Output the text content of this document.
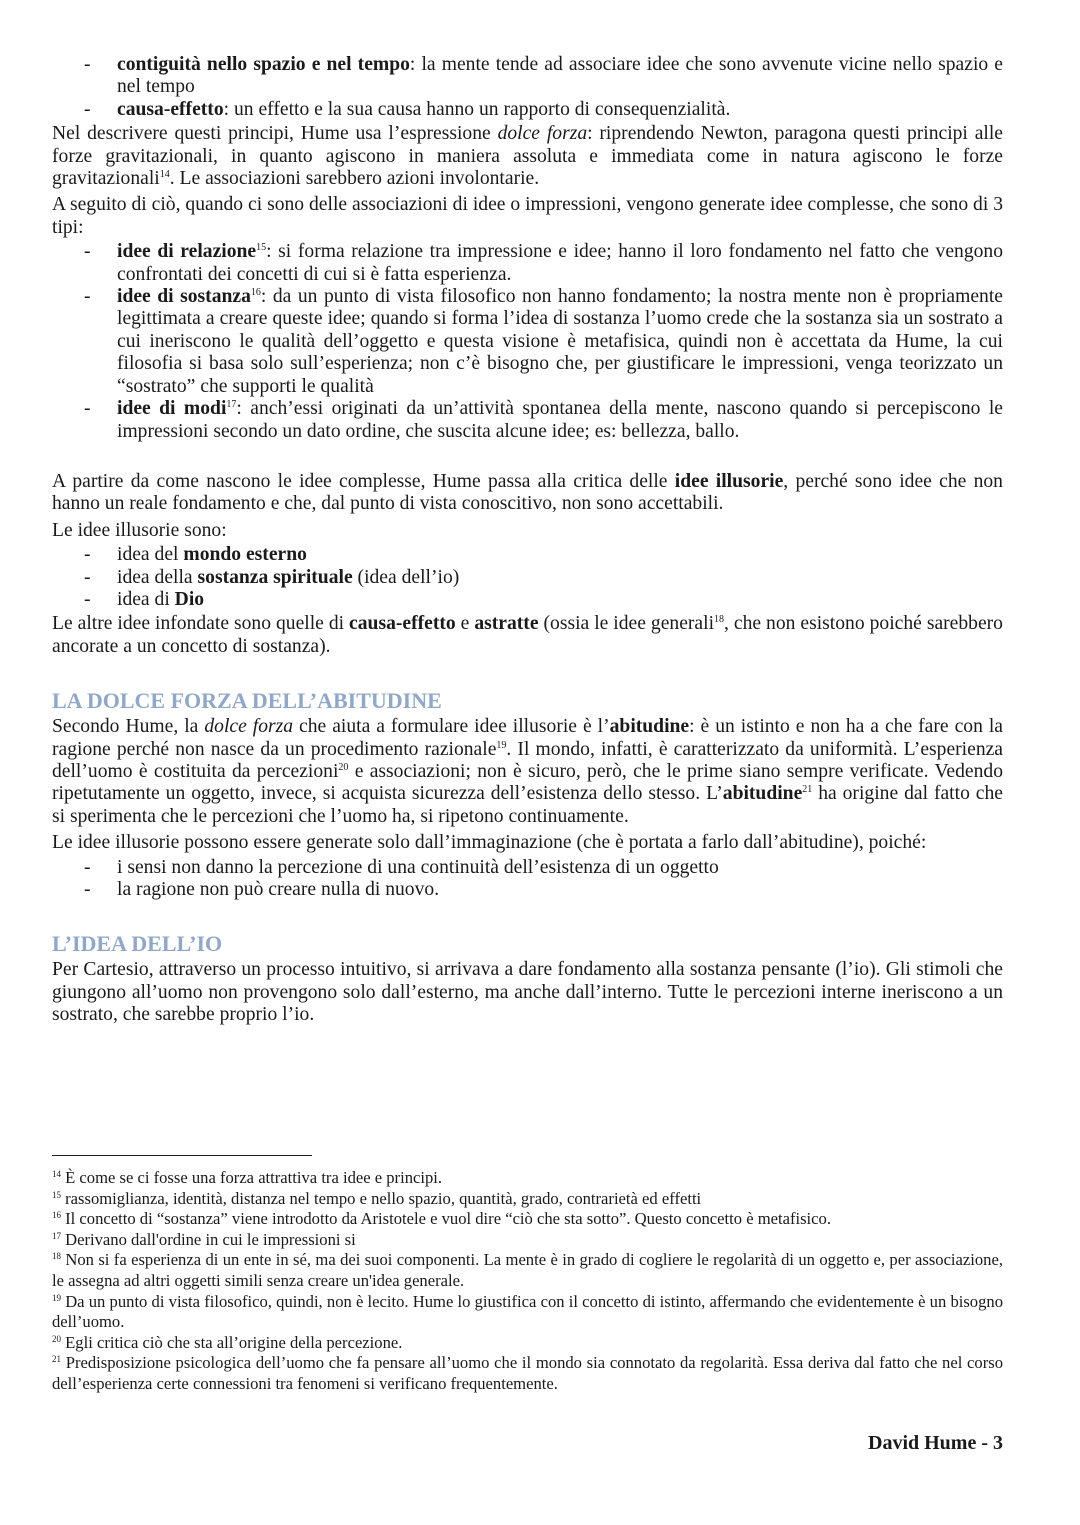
- contiguità nello spazio e nel tempo: la mente tende ad associare idee che sono avvenute vicine nello spazio e nel tempo
- causa-effetto: un effetto e la sua causa hanno un rapporto di consequenzialità.

Nel descrivere questi principi, Hume usa l’espressione dolce forza: riprendendo Newton, paragona questi principi alle forze gravitazionali, in quanto agiscono in maniera assoluta e immediata come in natura agiscono le forze gravitazionali$^{14}$. Le associazioni sarebbero azioni involontarie.

A seguito di ciò, quando ci sono delle associazioni di idee o impressioni, vengono generate idee complesse, che sono di 3 tipi:

- idee di relazione$^{15}$: si forma relazione tra impressione e idee; hanno il loro fondamento nel fatto che vengono confrontati dei concetti di cui si è fatta esperienza.
- idee di sostanza$^{16}$: da un punto di vista filosofico non hanno fondamento; la nostra mente non è propriamente legittimata a creare queste idee; quando si forma l’idea di sostanza l’uomo crede che la sostanza sia un sostrato a cui ineriscono le qualità dell’oggetto e questa visione è metafisica, quindi non è accettata da Hume, la cui filosofia si basa solo sull’esperienza; non c’è bisogno che, per giustificare le impressioni, venga teorizzato un “sostrato” che supporti le qualità
- idee di modi$^{17}$: anch’essi originati da un’attività spontanea della mente, nascono quando si percepiscono le impressioni secondo un dato ordine, che suscita alcune idee; es: bellezza, ballo.

A partire da come nascono le idee complesse, Hume passa alla critica delle idee illusorie, perché sono idee che non hanno un reale fondamento e che, dal punto di vista conoscitivo, non sono accettabili.

Le idee illusorie sono:

- idea del mondo esterno
- idea della sostanza spirituale (idea dell’io)
- idea di Dio

Le altre idee infondate sono quelle di causa-effetto e astratte (ossia le idee generali$^{18}$, che non esistono poiché sarebbero ancorate a un concetto di sostanza).

LA DOLCE FORZA DELL’ABITUDINE

Secondo Hume, la dolce forza che aiuta a formulare idee illusorie è l’abitudine: è un istinto e non ha a che fare con la ragione perché non nasce da un procedimento razionale$^{19}$. Il mondo, infatti, è caratterizzato da uniformità. L’esperienza dell’uomo è costituita da percezioni$^{20}$ e associazioni; non è sicuro, però, che le prime siano sempre verificate. Vedendo ripetutamente un oggetto, invece, si acquista sicurezza dell’esistenza dello stesso. L’abitudine$^{21}$ ha origine dal fatto che si sperimenta che le percezioni che l’uomo ha, si ripetono continuamente.

Le idee illusorie possono essere generate solo dall’immaginazione (che è portata a farlo dall’abitudine), poiché:

- i sensi non danno la percezione di una continuità dell’esistenza di un oggetto
- la ragione non può creare nulla di nuovo.
L’IDEA DELL’IO

Per Cartesio, attraverso un processo intuitivo, si arrivava a dare fondamento alla sostanza pensante (l’io). Gli stimoli che giungono all’uomo non provengono solo dall’esterno, ma anche dall’interno. Tutte le percezioni interne ineriscono a un sostrato, che sarebbe proprio l’io.

$^{14}$ È come se ci fosse una forza attrattiva tra idee e principi.

$^{15}$ rassomiglianza, identità, distanza nel tempo e nello spazio, quantità, grado, contrarietà ed effetti

$^{16}$ Il concetto di “sostanza” viene introdotto da Aristotele e vuol dire “ciò che sta sotto”. Questo concetto è metafisico.

$^{17}$ Derivano dall'ordine in cui le impressioni si

$^{18}$ Non si fa esperienza di un ente in sé, ma dei suoi componenti. La mente è in grado di cogliere le regolarità di un oggetto e, per associazione, le assegna ad altri oggetti simili senza creare un'idea generale.

$^{19}$ Da un punto di vista filosofico, quindi, non è lecito. Hume lo giustifica con il concetto di istinto, affermando che evidentemente è un bisogno dell’uomo.

$^{20}$ Egli critica ciò che sta all’origine della percezione.

$^{21}$ Predisposizione psicologica dell’uomo che fa pensare all’uomo che il mondo sia connotato da regolarità. Essa deriva dal fatto che nel corso dell’esperienza certe connessioni tra fenomeni si verificano frequentemente.

David Hume - 3
